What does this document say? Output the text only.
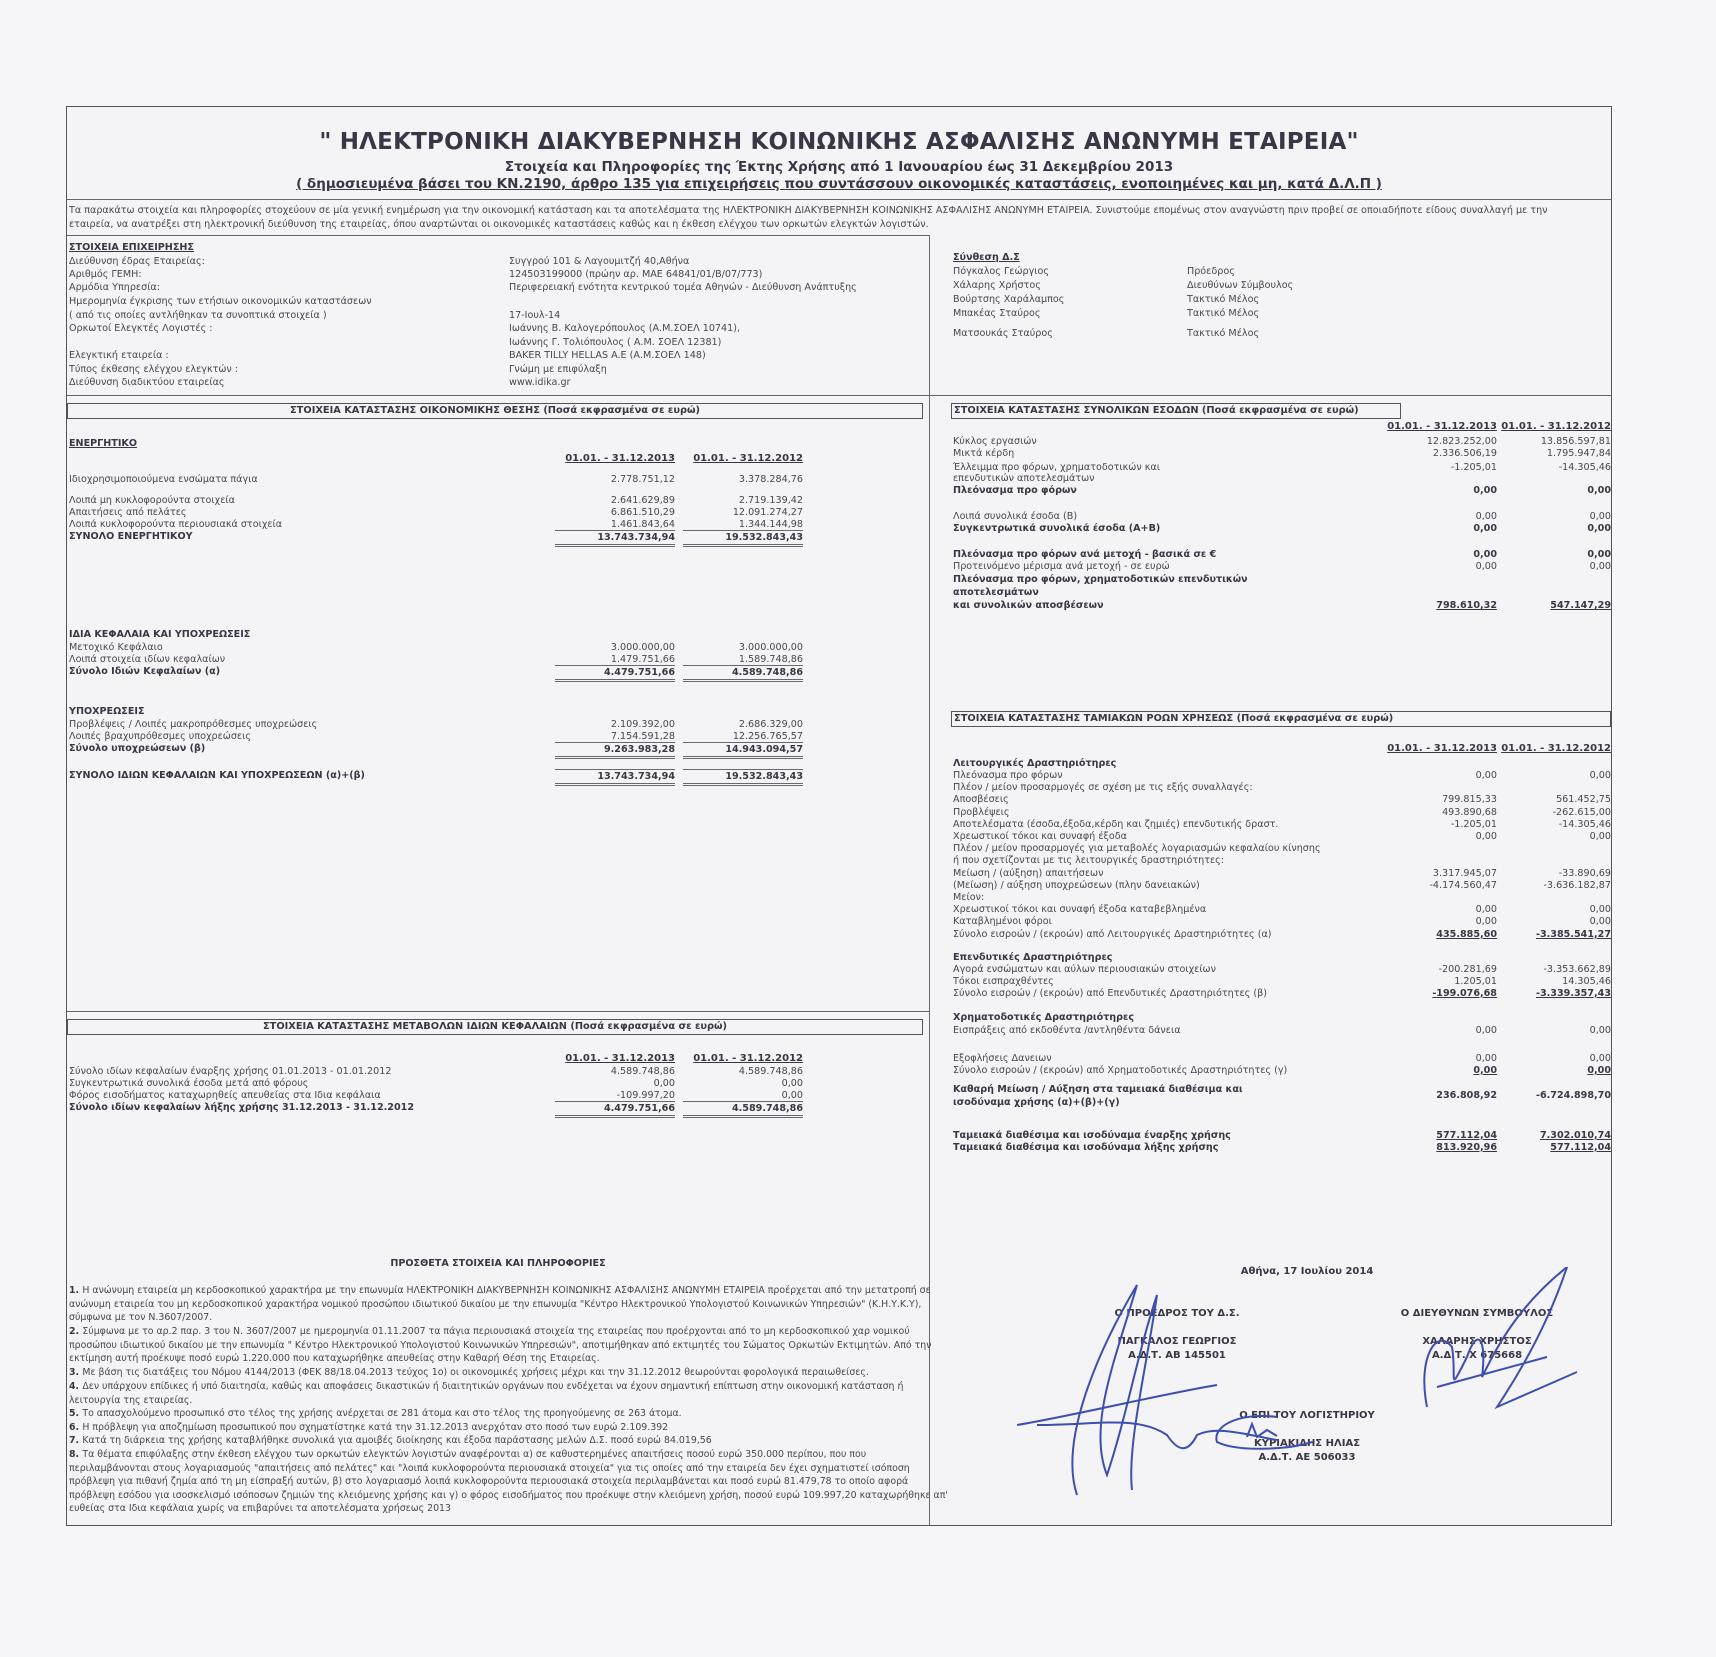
" ΗΛΕΚΤΡΟΝΙΚΗ ΔΙΑΚΥΒΕΡΝΗΣΗ ΚΟΙΝΩΝΙΚΗΣ ΑΣΦΑΛΙΣΗΣ ΑΝΩΝΥΜΗ ΕΤΑΙΡΕΙΑ"
Στοιχεία και Πληροφορίες της Έκτης Χρήσης από 1 Ιανουαρίου έως 31 Δεκεμβρίου 2013
( δημοσιευμένα βάσει του ΚΝ.2190, άρθρο 135 για επιχειρήσεις που συντάσσουν οικονομικές καταστάσεις, ενοποιημένες και μη, κατά Δ.Λ.Π )
Τα παρακάτω στοιχεία και πληροφορίες στοχεύουν σε μία γενική ενημέρωση για την οικονομική κατάσταση και τα αποτελέσματα της ΗΛΕΚΤΡΟΝΙΚΗ ΔΙΑΚΥΒΕΡΝΗΣΗ ΚΟΙΝΩΝΙΚΗΣ ΑΣΦΑΛΙΣΗΣ ΑΝΩΝΥΜΗ ΕΤΑΙΡΕΙΑ. Συνιστούμε επομένως στον αναγνώστη πριν προβεί σε οποιαδήποτε είδους συναλλαγή με την
εταιρεία, να ανατρέξει στη ηλεκτρονική διεύθυνση της εταιρείας, όπου αναρτώνται οι οικονομικές καταστάσεις καθώς και η έκθεση ελέγχου των ορκωτών ελεγκτών λογιστών.
ΣΤΟΙΧΕΙΑ ΕΠΙΧΕΙΡΗΣΗΣ
Διεύθυνση έδρας Εταιρείας:	Συγγρού 101 & Λαγουμιτζή 40,Αθήνα
Αριθμός ΓΕΜΗ:	124503199000 (πρώην αρ. ΜΑΕ 64841/01/Β/07/773)
Αρμόδια Υπηρεσία:	Περιφερειακή ενότητα κεντρικού τομέα Αθηνών - Διεύθυνση Ανάπτυξης
Ημερομηνία έγκρισης των ετήσιων οικονομικών καταστάσεων
( από τις οποίες αντλήθηκαν τα συνοπτικά στοιχεία )	17-Ιουλ-14
Ορκωτοί Ελεγκτές Λογιστές :	Ιωάννης Β. Καλογερόπουλος (Α.Μ.ΣΟΕΛ 10741),
Ιωάννης Γ. Τολιόπουλος ( Α.Μ. ΣΟΕΛ 12381)
Ελεγκτική εταιρεία :	BAKER TILLY HELLAS A.E (Α.Μ.ΣΟΕΛ 148)
Τύπος έκθεσης ελέγχου ελεγκτών :	Γνώμη με επιφύλαξη
Διεύθυνση διαδικτύου εταιρείας	www.idika.gr
Σύνθεση Δ.Σ
Πόγκαλος Γεώργιος	Πρόεδρος
Χάλαρης Χρήστος	Διευθύνων Σύμβουλος
Βούρτσης Χαράλαμπος	Τακτικό Μέλος
Μπακέας Σταύρος	Τακτικό Μέλος
Ματσουκάς Σταύρος	Τακτικό Μέλος
ΣΤΟΙΧΕΙΑ ΚΑΤΑΣΤΑΣΗΣ ΟΙΚΟΝΟΜΙΚΗΣ ΘΕΣΗΣ (Ποσά εκφρασμένα σε ευρώ)
ΕΝΕΡΓΗΤΙΚΟ
01.01. - 31.12.2013	01.01. - 31.12.2012
Ιδιοχρησιμοποιούμενα ενσώματα πάγια	2.778.751,12	3.378.284,76
Λοιπά μη κυκλοφορούντα στοιχεία	2.641.629,89	2.719.139,42
Απαιτήσεις από πελάτες	6.861.510,29	12.091.274,27
Λοιπά κυκλοφορούντα περιουσιακά στοιχεία	1.461.843,64	1.344.144,98
ΣΥΝΟΛΟ ΕΝΕΡΓΗΤΙΚΟΥ	13.743.734,94	19.532.843,43
ΙΔΙΑ ΚΕΦΑΛΑΙΑ ΚΑΙ ΥΠΟΧΡΕΩΣΕΙΣ
Μετοχικό Κεφάλαιο	3.000.000,00	3.000.000,00
Λοιπά στοιχεία ιδίων κεφαλαίων	1.479.751,66	1.589.748,86
Σύνολο Ιδιών Κεφαλαίων (α)	4.479.751,66	4.589.748,86
ΥΠΟΧΡΕΩΣΕΙΣ
Προβλέψεις / Λοιπές μακροπρόθεσμες υποχρεώσεις	2.109.392,00	2.686.329,00
Λοιπές βραχυπρόθεσμες υποχρεώσεις	7.154.591,28	12.256.765,57
Σύνολο υποχρεώσεων (β)	9.263.983,28	14.943.094,57
ΣΥΝΟΛΟ ΙΔΙΩΝ ΚΕΦΑΛΑΙΩΝ ΚΑΙ ΥΠΟΧΡΕΩΣΕΩΝ (α)+(β)	13.743.734,94	19.532.843,43
ΣΤΟΙΧΕΙΑ ΚΑΤΑΣΤΑΣΗΣ ΜΕΤΑΒΟΛΩΝ ΙΔΙΩΝ ΚΕΦΑΛΑΙΩΝ (Ποσά εκφρασμένα σε ευρώ)
01.01. - 31.12.2013	01.01. - 31.12.2012
Σύνολο ιδίων κεφαλαίων έναρξης χρήσης 01.01.2013 - 01.01.2012	4.589.748,86	4.589.748,86
Συγκεντρωτικά συνολικά έσοδα μετά από φόρους	0,00	0,00
Φόρος εισοδήματος καταχωρηθείς απευθείας στα Ιδια κεφάλαια	-109.997,20	0,00
Σύνολο ιδίων κεφαλαίων λήξης χρήσης 31.12.2013 - 31.12.2012	4.479.751,66	4.589.748,86
ΠΡΟΣΘΕΤΑ ΣΤΟΙΧΕΙΑ ΚΑΙ ΠΛΗΡΟΦΟΡΙΕΣ
1. Η ανώνυμη εταιρεία μη κερδοσκοπικού χαρακτήρα με την επωνυμία ΗΛΕΚΤΡΟΝΙΚΗ ΔΙΑΚΥΒΕΡΝΗΣΗ ΚΟΙΝΩΝΙΚΗΣ ΑΣΦΑΛΙΣΗΣ ΑΝΩΝΥΜΗ ΕΤΑΙΡΕΙΑ προέρχεται από την μετατροπή σε ανώνυμη εταιρεία του μη κερδοσκοπικού χαρακτήρα νομικού προσώπου ιδιωτικού δικαίου με την επωνυμία "Κέντρο Ηλεκτρονικού Υπολογιστού Κοινωνικών Υπηρεσιών" (Κ.Η.Υ.Κ.Υ), σύμφωνα με τον Ν.3607/2007.
2. Σύμφωνα με το αρ.2 παρ. 3 του Ν. 3607/2007 με ημερομηνία 01.11.2007 τα πάγια περιουσιακά στοιχεία της εταιρείας που προέρχονται από το μη κερδοσκοπικού χαρ νομικού προσώπου ιδιωτικού δικαίου με την επωνυμία " Κέντρο Ηλεκτρονικού Υπολογιστού Κοινωνικών Υπηρεσιών", αποτιμήθηκαν από εκτιμητές του Σώματος Ορκωτών Εκτιμητών. Από την εκτίμηση αυτή προέκυψε ποσό ευρώ 1.220.000 που καταχωρήθηκε απευθείας στην Καθαρή Θέση της Εταιρείας.
3. Με βάση τις διατάξεις του Νόμου 4144/2013 (ΦΕΚ 88/18.04.2013 τεύχος 1ο) οι οικονομικές χρήσεις μέχρι και την 31.12.2012 θεωρούνται φορολογικά περαιωθείσες.
4. Δεν υπάρχουν επίδικες ή υπό διαιτησία, καθώς και αποφάσεις δικαστικών ή διαιτητικών οργάνων που ενδέχεται να έχουν σημαντική επίπτωση στην οικονομική κατάσταση ή λειτουργία της εταιρείας.
5. Το απασχολούμενο προσωπικό στο τέλος της χρήσης ανέρχεται σε 281 άτομα και στο τέλος της προηγούμενης σε 263 άτομα.
6. Η πρόβλεψη για αποζημίωση προσωπικού που σχηματίστηκε κατά την 31.12.2013 ανερχόταν στο ποσό των ευρώ 2.109.392
7. Κατά τη διάρκεια της χρήσης καταβλήθηκε συνολικά για αμοιβές διοίκησης και έξοδα παράστασης μελών Δ.Σ. ποσό ευρώ 84.019,56
8. Τα θέματα επιφύλαξης στην έκθεση ελέγχου των ορκωτών ελεγκτών λογιστών αναφέρονται α) σε καθυστερημένες απαιτήσεις ποσού ευρώ 350.000 περίπου, που που περιλαμβάνονται στους λογαριασμούς "απαιτήσεις από πελάτες" και "λοιπά κυκλοφορούντα περιουσιακά στοιχεία" για τις οποίες από την εταιρεία δεν έχει σχηματιστεί ισόποση πρόβλεψη για πιθανή ζημία από τη μη είσπραξή αυτών, β) στο λογαριασμό λοιπά κυκλοφορούντα περιουσιακά στοιχεία περιλαμβάνεται και ποσό ευρώ 81.479,78 το οποίο αφορά πρόβλεψη εσόδου για ισοσκελισμό ισόποσων ζημιών της κλειόμενης χρήσης και γ) ο φόρος εισοδήματος που προέκυψε στην κλειόμενη χρήση, ποσού ευρώ 109.997,20 καταχωρήθηκε απ' ευθείας στα Ιδια κεφάλαια χωρίς να επιβαρύνει τα αποτελέσματα χρήσεως 2013
ΣΤΟΙΧΕΙΑ ΚΑΤΑΣΤΑΣΗΣ ΣΥΝΟΛΙΚΩΝ ΕΣΟΔΩΝ (Ποσά εκφρασμένα σε ευρώ)
01.01. - 31.12.2013 01.01. - 31.12.2012
Κύκλος εργασιών	12.823.252,00	13.856.597,81
Μικτά κέρδη	2.336.506,19	1.795.947,84
Έλλειμμα προ φόρων, χρηματοδοτικών και	-1.205,01	-14.305,46
επενδυτικών αποτελεσμάτων
Πλεόνασμα προ φόρων	0,00	0,00
Λοιπά συνολικά έσοδα (Β)	0,00	0,00
Συγκεντρωτικά συνολικά έσοδα (Α+Β)	0,00	0,00
Πλεόνασμα προ φόρων ανά μετοχή - βασικά σε €	0,00	0,00
Προτεινόμενο μέρισμα ανά μετοχή - σε ευρώ	0,00	0,00
Πλεόνασμα προ φόρων, χρηματοδοτικών επενδυτικών
αποτελεσμάτων
και συνολικών αποσβέσεων	798.610,32	547.147,29
ΣΤΟΙΧΕΙΑ ΚΑΤΑΣΤΑΣΗΣ ΤΑΜΙΑΚΩΝ ΡΟΩΝ ΧΡΗΣΕΩΣ (Ποσά εκφρασμένα σε ευρώ)
01.01. - 31.12.2013 01.01. - 31.12.2012
Λειτουργικές Δραστηριότηρες
Πλεόνασμα προ φόρων	0,00	0,00
Πλέον / μείον προσαρμογές σε σχέση με τις εξής συναλλαγές:
Αποσβέσεις	799.815,33	561.452,75
Προβλέψεις	493.890,68	-262.615,00
Αποτελέσματα (έσοδα,έξοδα,κέρδη και ζημιές) επενδυτικής δραστ.	-1.205,01	-14.305,46
Χρεωστικοί τόκοι και συναφή έξοδα	0,00	0,00
Πλέον / μείον προσαρμογές για μεταβολές λογαριασμών κεφαλαίου κίνησης
ή που σχετίζονται με τις λειτουργικές δραστηριότητες:
Μείωση / (αύξηση) απαιτήσεων	3.317.945,07	-33.890,69
(Μείωση) / αύξηση υποχρεώσεων (πλην δανειακών)	-4.174.560,47	-3.636.182,87
Μείον:
Χρεωστικοί τόκοι και συναφή έξοδα καταβεβλημένα	0,00	0,00
Καταβλημένοι φόροι	0,00	0,00
Σύνολο εισροών / (εκροών) από Λειτουργικές Δραστηριότητες (α)	435.885,60	-3.385.541,27
Επενδυτικές Δραστηριότηρες
Αγορά ενσώματων και αύλων περιουσιακών στοιχείων	-200.281,69	-3.353.662,89
Τόκοι εισπραχθέντες	1.205,01	14.305,46
Σύνολο εισροών / (εκροών) από Επενδυτικές Δραστηριότητες (β)	-199.076,68	-3.339.357,43
Χρηματοδοτικές Δραστηριότηρες
Εισπράξεις από εκδοθέντα /αντληθέντα δάνεια	0,00	0,00
Εξοφλήσεις Δανειων	0,00	0,00
Σύνολο εισροών / (εκροών) από Χρηματοδοτικές Δραστηριότητες (γ)	0,00	0,00
Καθαρή Μείωση / Αύξηση στα ταμειακά διαθέσιμα και
ισοδύναμα χρήσης (α)+(β)+(γ)
236.808,92	-6.724.898,70
Ταμειακά διαθέσιμα και ισοδύναμα έναρξης χρήσης	577.112,04	7.302.010,74
Ταμειακά διαθέσιμα και ισοδύναμα λήξης χρήσης	813.920,96	577.112,04
Αθήνα, 17 Ιουλίου 2014
Ο ΠΡΟΕΔΡΟΣ ΤΟΥ Δ.Σ.
ΠΑΓΚΑΛΟΣ ΓΕΩΡΓΙΟΣ
Α.Δ.Τ. ΑΒ 145501
Ο ΔΙΕΥΘΥΝΩΝ ΣΥΜΒΟΥΛΟΣ
ΧΑΛΑΡΗΣ ΧΡΗΣΤΟΣ
Α.Δ.Τ. Χ 675668
Ο ΕΠΙ ΤΟΥ ΛΟΓΙΣΤΗΡΙΟΥ
ΚΥΡΙΑΚΙΔΗΣ ΗΛΙΑΣ
Α.Δ.Τ. ΑΕ 506033
